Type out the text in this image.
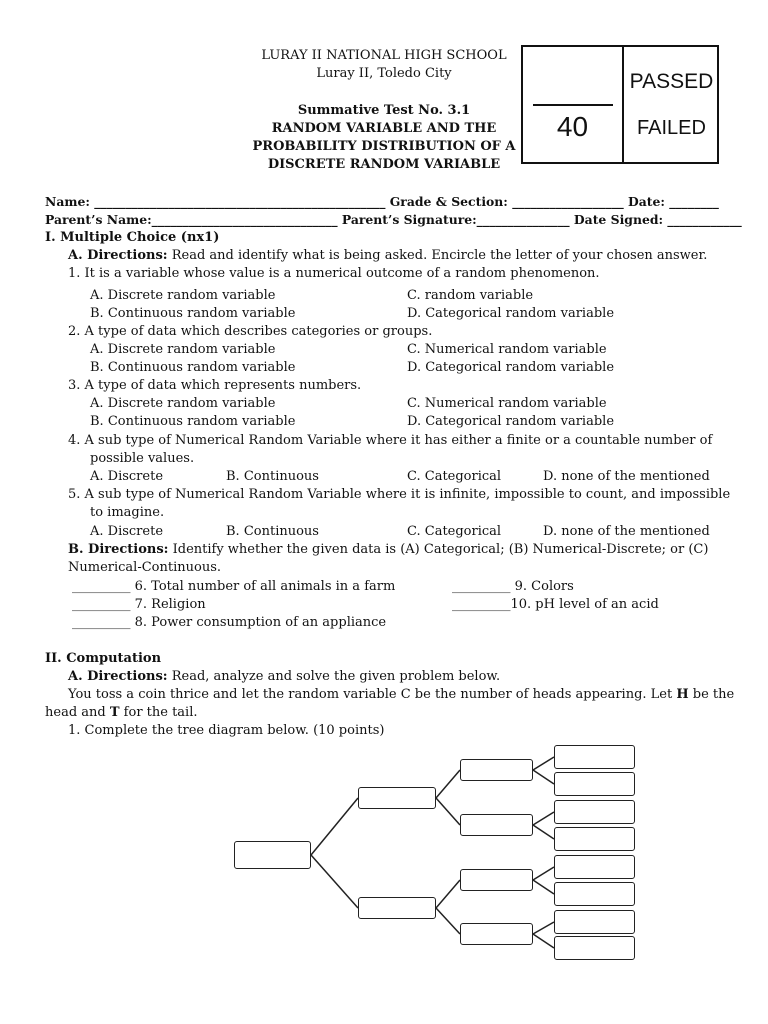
LURAY II NATIONAL HIGH SCHOOL
Luray II, Toledo City
Summative Test No. 3.1
RANDOM VARIABLE AND THE
PROBABILITY DISTRIBUTION OF A
DISCRETE RANDOM VARIABLE
40
PASSED
FAILED
Name: _______________________________________________ Grade & Section: __________________ Date: ________
Parent’s Name:______________________________ Parent’s Signature:_______________ Date Signed: ____________
I. Multiple Choice (nx1)
A. Directions: Read and identify what is being asked. Encircle the letter of your chosen answer.
1. It is a variable whose value is a numerical outcome of a random phenomenon.
A. Discrete random variable
B. Continuous random variable
C. random variable
D. Categorical random variable
2. A type of data which describes categories or groups.
A. Discrete random variable
B. Continuous random variable
C. Numerical random variable
D. Categorical random variable
3. A type of data which represents numbers.
A. Discrete random variable
B. Continuous random variable
C. Numerical random variable
D. Categorical random variable
4. A sub type of Numerical Random Variable where it has either a finite or a countable number of
possible values.
A. Discrete	B. Continuous	C. Categorical	D. none of the mentioned
5. A sub type of Numerical Random Variable where it is infinite, impossible to count, and impossible
to imagine.
A. Discrete	B. Continuous	C. Categorical	D. none of the mentioned
B. Directions: Identify whether the given data is (A) Categorical; (B) Numerical-Discrete; or (C)
Numerical-Continuous.
_________ 6. Total number of all animals in a farm
_________ 7. Religion
_________ 8. Power consumption of an appliance
_________ 9. Colors
_________10. pH level of an acid
II. Computation
A. Directions: Read, analyze and solve the given problem below.
You toss a coin thrice and let the random variable C be the number of heads appearing. Let H be the
head and T for the tail.
1. Complete the tree diagram below. (10 points)
